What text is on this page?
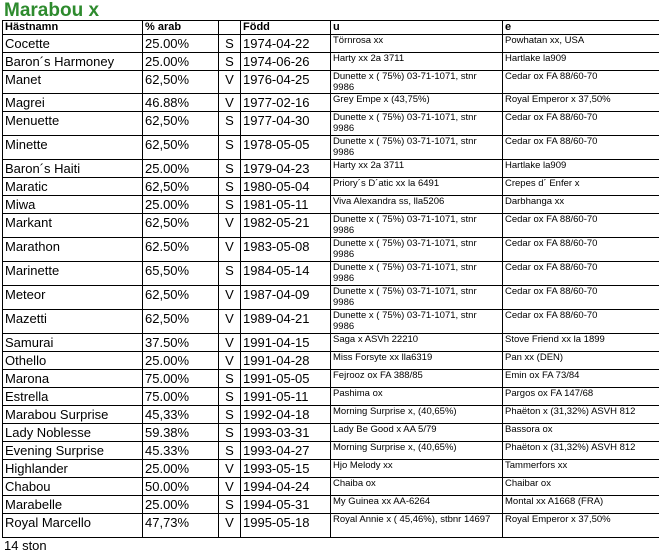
Marabou x
Hästnamn	% arab		Född	u	e
Cocette	25.00%	S	1974-04-22	Törnrosa xx	Powhatan xx, USA
Baron´s Harmoney	25.00%	S	1974-06-26	Harty xx 2a 3711	Hartlake la909
Manet	62,50%	V	1976-04-25	Dunette x ( 75%) 03-71-1071, stnr 9986	Cedar ox FA 88/60-70
Magrei	46.88%	V	1977-02-16	Grey Empe x (43,75%)	Royal Emperor x 37,50%
Menuette	62,50%	S	1977-04-30	Dunette x ( 75%) 03-71-1071, stnr 9986	Cedar ox FA 88/60-70
Minette	62,50%	S	1978-05-05	Dunette x ( 75%) 03-71-1071, stnr 9986	Cedar ox FA 88/60-70
Baron´s Haiti	25.00%	S	1979-04-23	Harty xx 2a 3711	Hartlake la909
Maratic	62,50%	S	1980-05-04	Priory´s D´atic xx la 6491	Crepes d´ Enfer x
Miwa	25.00%	S	1981-05-11	Viva Alexandra ss, lla5206	Darbhanga xx
Markant	62,50%	V	1982-05-21	Dunette x ( 75%) 03-71-1071, stnr 9986	Cedar ox FA 88/60-70
Marathon	62.50%	V	1983-05-08	Dunette x ( 75%) 03-71-1071, stnr 9986	Cedar ox FA 88/60-70
Marinette	65,50%	S	1984-05-14	Dunette x ( 75%) 03-71-1071, stnr 9986	Cedar ox FA 88/60-70
Meteor	62,50%	V	1987-04-09	Dunette x ( 75%) 03-71-1071, stnr 9986	Cedar ox FA 88/60-70
Mazetti	62,50%	V	1989-04-21	Dunette x ( 75%) 03-71-1071, stnr 9986	Cedar ox FA 88/60-70
Samurai	37.50%	V	1991-04-15	Saga x ASVh 22210	Stove Friend xx la 1899
Othello	25.00%	V	1991-04-28	Miss Forsyte xx lla6319	Pan xx (DEN)
Marona	75.00%	S	1991-05-05	Fejrooz ox FA 388/85	Emin ox FA 73/84
Estrella	75.00%	S	1991-05-11	Pashima ox	Pargos ox FA 147/68
Marabou Surprise	45,33%	S	1992-04-18	Morning Surprise x, (40,65%)	Phaëton x (31,32%) ASVH 812
Lady Noblesse	59.38%	S	1993-03-31	Lady Be Good x AA 5/79	Bassora ox
Evening Surprise	45.33%	S	1993-04-27	Morning Surprise x, (40,65%)	Phaëton x (31,32%) ASVH 812
Highlander	25.00%	V	1993-05-15	Hjo Melody xx	Tammerfors xx
Chabou	50.00%	V	1994-04-24	Chaiba ox	Chaibar ox
Marabelle	25.00%	S	1994-05-31	My Guinea xx AA-6264	Montal xx A1668 (FRA)
Royal Marcello	47,73%	V	1995-05-18	Royal Annie x ( 45,46%), stbnr 14697	Royal Emperor x 37,50%
14 ston
